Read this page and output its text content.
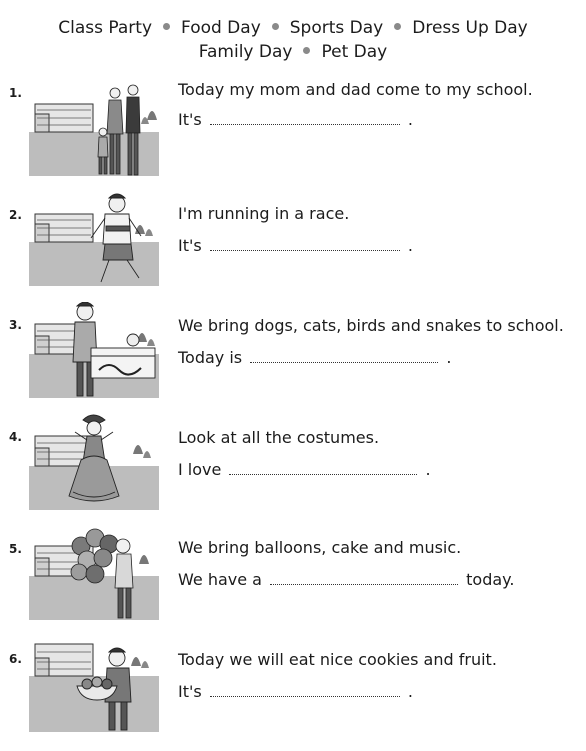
Class Party Food Day Sports Day Dress Up Day
Family Day Pet Day
1.	Today my mom and dad come to my school.
It's	.
2.	I'm running in a race.
It's	.
3.	We bring dogs, cats, birds and snakes to school.
Today is	.
4.	Look at all the costumes.
I love	.
5.	We bring balloons, cake and music.
We have a	today.
6.	Today we will eat nice cookies and fruit.
It's	.
